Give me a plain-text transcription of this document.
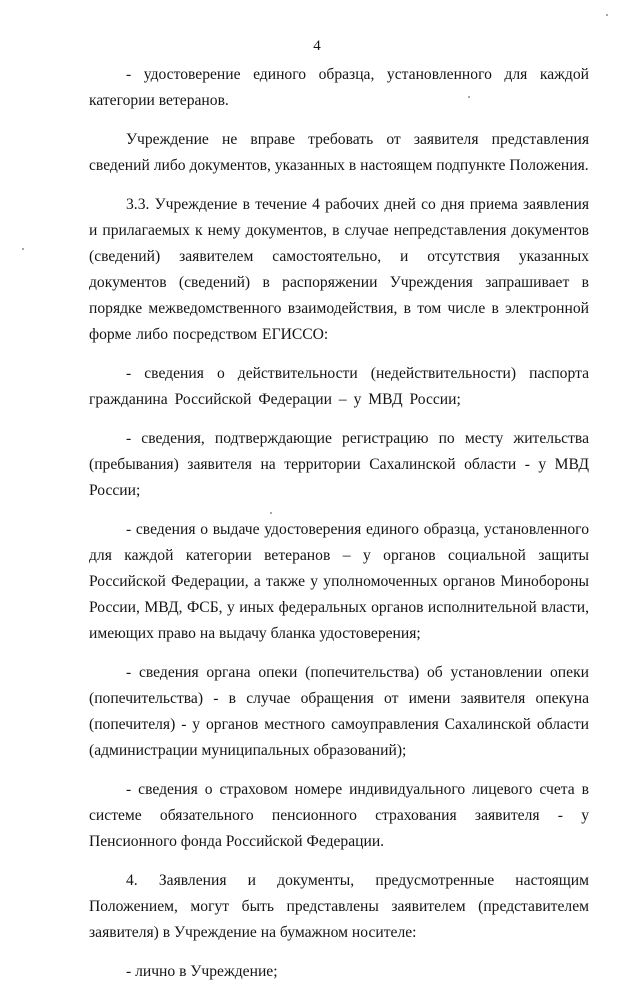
4

- удостоверение единого образца, установленного для каждой категории ветеранов.

Учреждение не вправе требовать от заявителя представления сведений либо документов, указанных в настоящем подпункте Положения.

3.3. Учреждение в течение 4 рабочих дней со дня приема заявления и прилагаемых к нему документов, в случае непредставления документов (сведений) заявителем самостоятельно, и отсутствия указанных документов (сведений) в распоряжении Учреждения запрашивает в порядке межведомственного взаимодействия, в том числе в электронной форме либо посредством ЕГИССО:

- сведения о действительности (недействительности) паспорта гражданина Российской Федерации – у МВД России;

- сведения, подтверждающие регистрацию по месту жительства (пребывания) заявителя на территории Сахалинской области - у МВД России;

- сведения о выдаче удостоверения единого образца, установленного для каждой категории ветеранов – у органов социальной защиты Российской Федерации, а также у уполномоченных органов Минобороны России, МВД, ФСБ, у иных федеральных органов исполнительной власти, имеющих право на выдачу бланка удостоверения;

- сведения органа опеки (попечительства) об установлении опеки (попечительства) - в случае обращения от имени заявителя опекуна (попечителя) - у органов местного самоуправления Сахалинской области (администрации муниципальных образований);

- сведения о страховом номере индивидуального лицевого счета в системе обязательного пенсионного страхования заявителя - у Пенсионного фонда Российской Федерации.

4. Заявления и документы, предусмотренные настоящим Положением, могут быть представлены заявителем (представителем заявителя) в Учреждение на бумажном носителе:

- лично в Учреждение;
